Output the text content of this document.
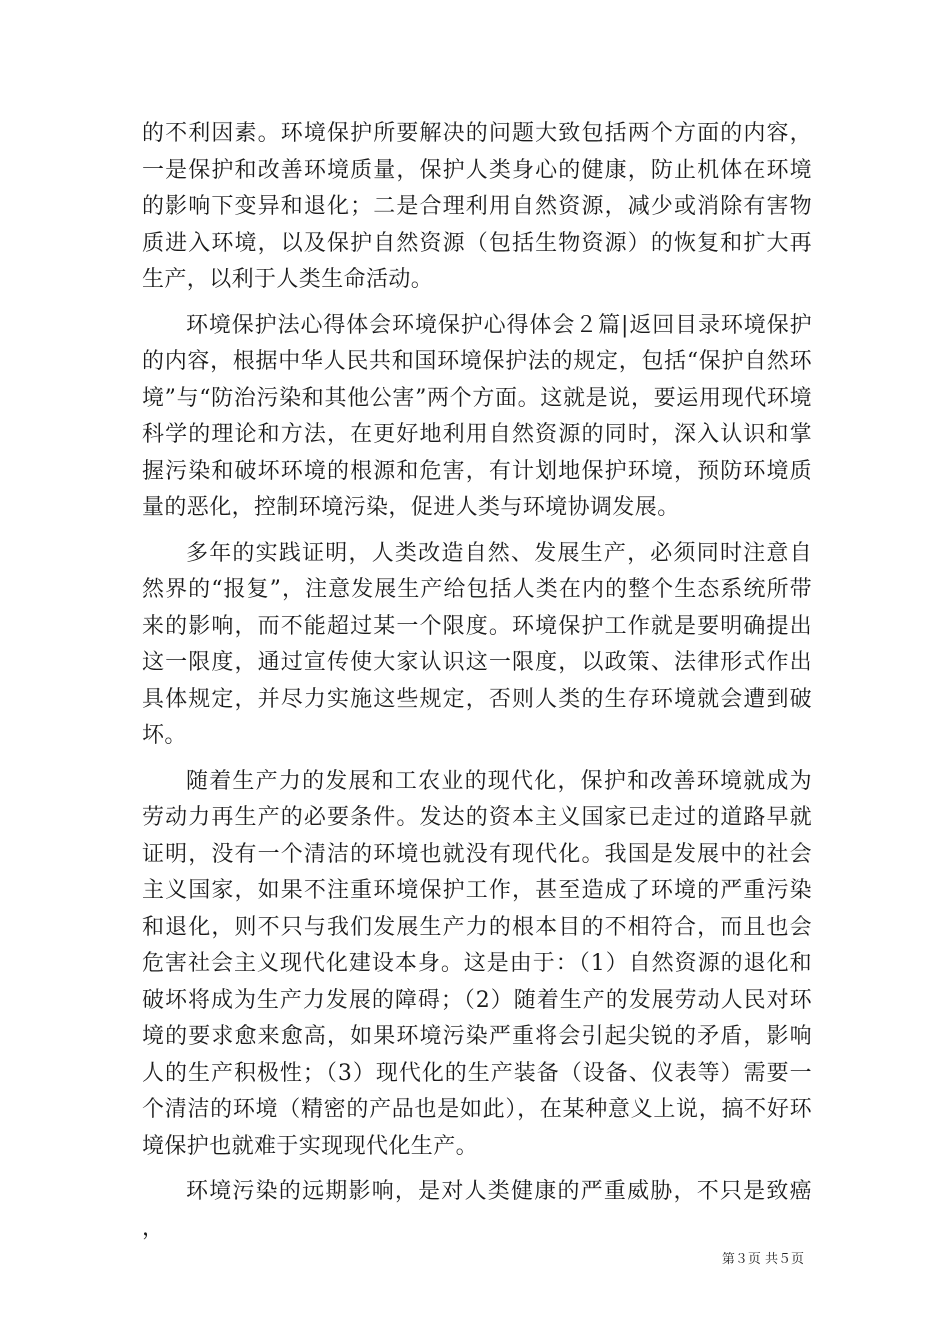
的不利因素。环境保护所要解决的问题大致包括两个方面的内容，一是保护和改善环境质量，保护人类身心的健康，防止机体在环境的影响下变异和退化；二是合理利用自然资源，减少或消除有害物质进入环境，以及保护自然资源（包括生物资源）的恢复和扩大再生产，以利于人类生命活动。

环境保护法心得体会环境保护心得体会２篇|返回目录环境保护的内容，根据中华人民共和国环境保护法的规定，包括“保护自然环境”与“防治污染和其他公害”两个方面。这就是说，要运用现代环境科学的理论和方法，在更好地利用自然资源的同时，深入认识和掌握污染和破坏环境的根源和危害，有计划地保护环境，预防环境质量的恶化，控制环境污染，促进人类与环境协调发展。

多年的实践证明，人类改造自然、发展生产，必须同时注意自然界的“报复”，注意发展生产给包括人类在内的整个生态系统所带来的影响，而不能超过某一个限度。环境保护工作就是要明确提出这一限度，通过宣传使大家认识这一限度，以政策、法律形式作出具体规定，并尽力实施这些规定，否则人类的生存环境就会遭到破坏。

随着生产力的发展和工农业的现代化，保护和改善环境就成为劳动力再生产的必要条件。发达的资本主义国家已走过的道路早就证明，没有一个清洁的环境也就没有现代化。我国是发展中的社会主义国家，如果不注重环境保护工作，甚至造成了环境的严重污染和退化，则不只与我们发展生产力的根本目的不相符合，而且也会危害社会主义现代化建设本身。这是由于：（1）自然资源的退化和破坏将成为生产力发展的障碍；（2）随着生产的发展劳动人民对环境的要求愈来愈高，如果环境污染严重将会引起尖锐的矛盾，影响人的生产积极性；（3）现代化的生产装备（设备、仪表等）需要一个清洁的环境（精密的产品也是如此），在某种意义上说，搞不好环境保护也就难于实现现代化生产。

环境污染的远期影响，是对人类健康的严重威胁，不只是致癌，

第３页 共５页
